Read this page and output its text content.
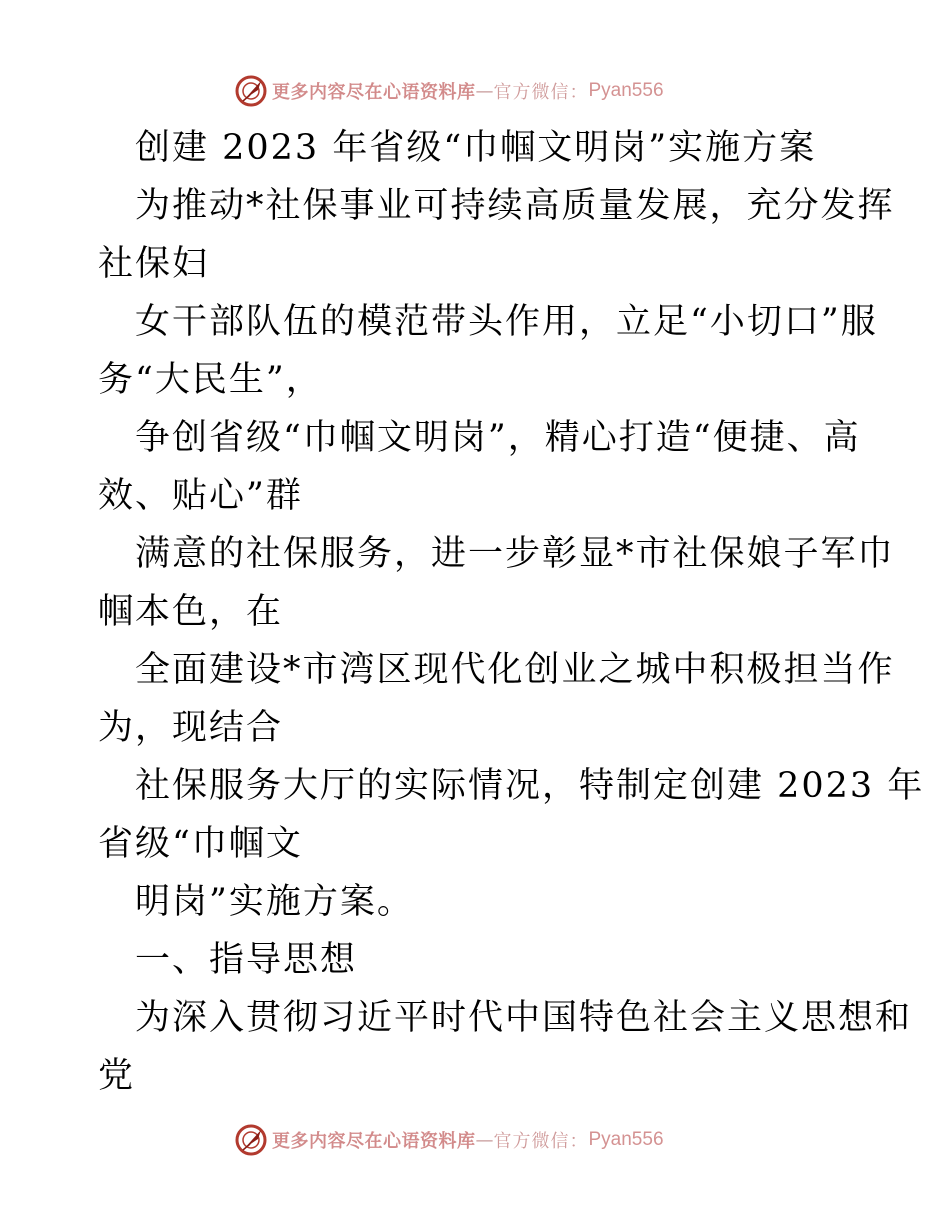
更多内容尽在心语资料库 — 官方微信： Pyan556
创建 2023 年省级“巾帼文明岗”实施方案
为推动*社保事业可持续高质量发展，充分发挥
社保妇
女干部队伍的模范带头作用，立足“小切口”服
务“大民生”，
争创省级“巾帼文明岗”，精心打造“便捷、高
效、贴心”群
满意的社保服务，进一步彰显*市社保娘子军巾
帼本色，在
全面建设*市湾区现代化创业之城中积极担当作
为，现结合
社保服务大厅的实际情况，特制定创建 2023 年
省级“巾帼文
明岗”实施方案。
一、指导思想
为深入贯彻习近平时代中国特色社会主义思想和
党
更多内容尽在心语资料库 — 官方微信： Pyan556
